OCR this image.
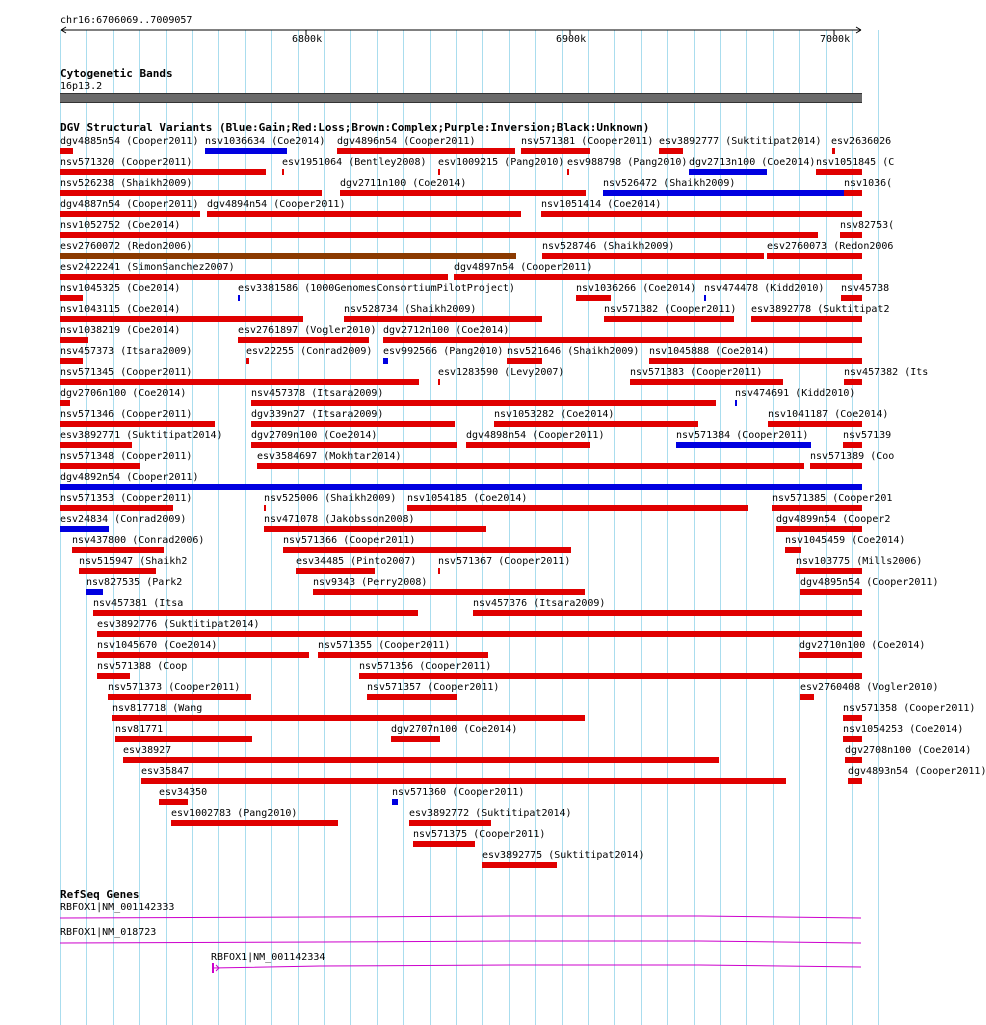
chr16:6706069..7009057
6800k	6900k	7000k
Cytogenetic Bands
16p13.2
DGV Structural Variants (Blue:Gain;Red:Loss;Brown:Complex;Purple:Inversion;Black:Unknown)
dgv4885n54 (Cooper2011) nsv1036634 (Coe2014) dgv4896n54 (Cooper2011)	nsv571381 (Cooper2011) esv3892777 (Suktitipat2014) esv2636026
nsv571320 (Cooper2011)	esv1951064 (Bentley2008) esv1009215 (Pang2010) esv988798 (Pang2010) dgv2713n100 (Coe2014) nsv1051845 (C
nsv526238 (Shaikh2009)	dgv2711n100 (Coe2014)	nsv526472 (Shaikh2009)	nsv1036(
dgv4887n54 (Cooper2011) dgv4894n54 (Cooper2011)	nsv1051414 (Coe2014)
nsv1052752 (Coe2014)	nsv82753(
esv2760072 (Redon2006)	nsv528746 (Shaikh2009)	esv2760073 (Redon2006
esv2422241 (SimonSanchez2007)	dgv4897n54 (Cooper2011)
nsv1045325 (Coe2014)	esv3381586 (1000GenomesConsortiumPilotProject)	nsv1036266 (Coe2014) nsv474478 (Kidd2010) nsv45738
nsv1043115 (Coe2014)	nsv528734 (Shaikh2009)	nsv571382 (Cooper2011) esv3892778 (Suktitipat2
nsv1038219 (Coe2014)	esv2761897 (Vogler2010) dgv2712n100 (Coe2014)
nsv457373 (Itsara2009)	esv22255 (Conrad2009) esv992566 (Pang2010) nsv521646 (Shaikh2009) nsv1045888 (Coe2014)
nsv571345 (Cooper2011)	esv1283590 (Levy2007)	nsv571383 (Cooper2011)	nsv457382 (Its
dgv2706n100 (Coe2014)	nsv457378 (Itsara2009)	nsv474691 (Kidd2010)
nsv571346 (Cooper2011)	dgv339n27 (Itsara2009)	nsv1053282 (Coe2014)	nsv1041187 (Coe2014)
esv3892771 (Suktitipat2014)	dgv2709n100 (Coe2014)	dgv4898n54 (Cooper2011)	nsv571384 (Cooper2011)	nsv57139
nsv571348 (Cooper2011)	esv3584697 (Mokhtar2014)	nsv571389 (Coo
dgv4892n54 (Cooper2011)
nsv571353 (Cooper2011)	nsv525006 (Shaikh2009) nsv1054185 (Coe2014)	nsv571385 (Cooper201
esv24834 (Conrad2009)	nsv471078 (Jakobsson2008)	dgv4899n54 (Cooper2
nsv437800 (Conrad2006)	nsv571366 (Cooper2011)	nsv1045459 (Coe2014)
nsv515947 (Shaikh2	esv34485 (Pinto2007) nsv571367 (Cooper2011)	nsv103775 (Mills2006)
nsv827535 (Park2	nsv9343 (Perry2008)	dgv4895n54 (Cooper2011)
nsv457381 (Itsa	nsv457376 (Itsara2009)
esv3892776 (Suktitipat2014)
nsv1045670 (Coe2014)	nsv571355 (Cooper2011)	dgv2710n100 (Coe2014)
nsv571388 (Coop	nsv571356 (Cooper2011)
nsv571373 (Cooper2011)	nsv571357 (Cooper2011)	esv2760408 (Vogler2010)
nsv817718 (Wang	nsv571358 (Cooper2011)
nsv81771	dgv2707n100 (Coe2014)	nsv1054253 (Coe2014)
esv38927	dgv2708n100 (Coe2014)
esv35847	dgv4893n54 (Cooper2011)
esv34350	nsv571360 (Cooper2011)
esv1002783 (Pang2010)	esv3892772 (Suktitipat2014)
nsv571375 (Cooper2011)
esv3892775 (Suktitipat2014)
RefSeq Genes
RBFOX1|NM_001142333
RBFOX1|NM_018723
RBFOX1|NM_001142334
